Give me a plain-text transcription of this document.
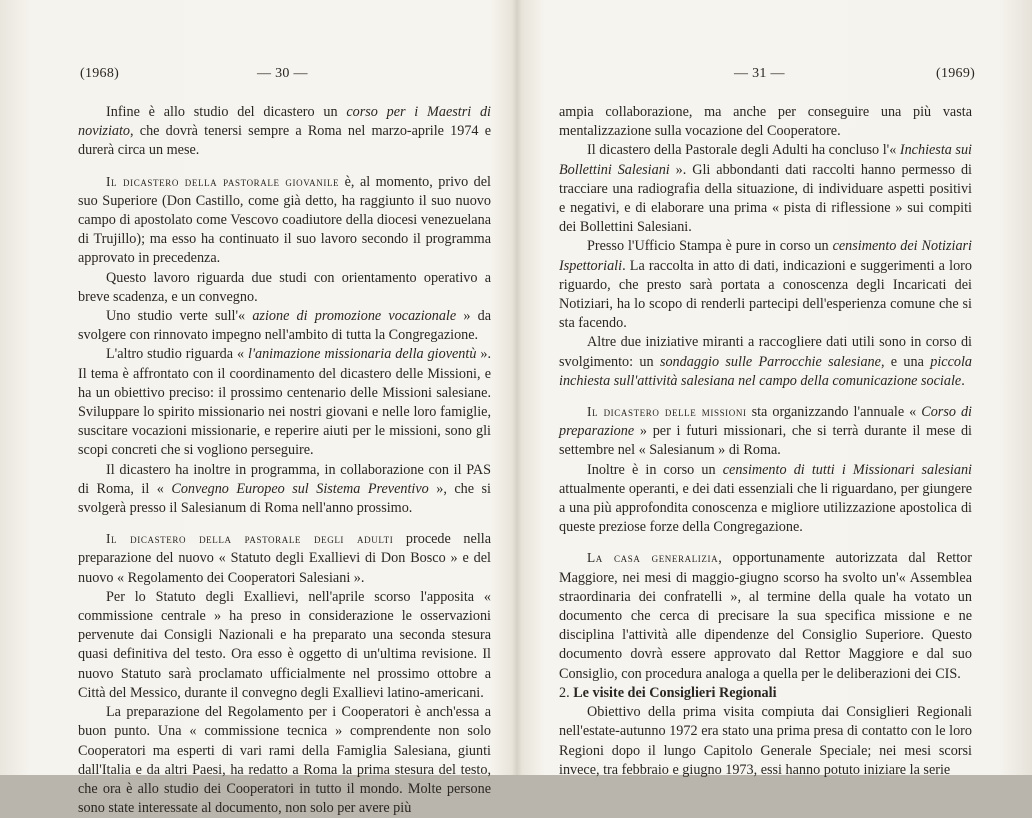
(1968)	— 30 —

Infine è allo studio del dicastero un corso per i Maestri di noviziato, che dovrà tenersi sempre a Roma nel marzo-aprile 1974 e durerà circa un mese.

Il dicastero della pastorale giovanile è, al momento, privo del suo Superiore (Don Castillo, come già detto, ha raggiunto il suo nuovo campo di apostolato come Vescovo coadiutore della diocesi venezuelana di Trujillo); ma esso ha continuato il suo lavoro secondo il programma approvato in precedenza.

Questo lavoro riguarda due studi con orientamento operativo a breve scadenza, e un convegno.

Uno studio verte sull'« azione di promozione vocazionale » da svolgere con rinnovato impegno nell'ambito di tutta la Congregazione.

L'altro studio riguarda « l'animazione missionaria della gioventù ». Il tema è affrontato con il coordinamento del dicastero delle Missioni, e ha un obiettivo preciso: il prossimo centenario delle Missioni salesiane. Sviluppare lo spirito missionario nei nostri giovani e nelle loro famiglie, suscitare vocazioni missionarie, e reperire aiuti per le missioni, sono gli scopi concreti che si vogliono perseguire.

Il dicastero ha inoltre in programma, in collaborazione con il PAS di Roma, il « Convegno Europeo sul Sistema Preventivo », che si svolgerà presso il Salesianum di Roma nell'anno prossimo.

Il dicastero della pastorale degli adulti procede nella preparazione del nuovo « Statuto degli Exallievi di Don Bosco » e del nuovo « Regolamento dei Cooperatori Salesiani ».

Per lo Statuto degli Exallievi, nell'aprile scorso l'apposita « commissione centrale » ha preso in considerazione le osservazioni pervenute dai Consigli Nazionali e ha preparato una seconda stesura quasi definitiva del testo. Ora esso è oggetto di un'ultima revisione. Il nuovo Statuto sarà proclamato ufficialmente nel prossimo ottobre a Città del Messico, durante il convegno degli Exallievi latino-americani.

La preparazione del Regolamento per i Cooperatori è anch'essa a buon punto. Una « commissione tecnica » comprendente non solo Cooperatori ma esperti di vari rami della Famiglia Salesiana, giunti dall'Italia e da altri Paesi, ha redatto a Roma la prima stesura del testo, che ora è allo studio dei Cooperatori in tutto il mondo. Molte persone sono state interessate al documento, non solo per avere più

— 31 —	(1969)

ampia collaborazione, ma anche per conseguire una più vasta mentalizzazione sulla vocazione del Cooperatore.

Il dicastero della Pastorale degli Adulti ha concluso l'« Inchiesta sui Bollettini Salesiani ». Gli abbondanti dati raccolti hanno permesso di tracciare una radiografia della situazione, di individuare aspetti positivi e negativi, e di elaborare una prima « pista di riflessione » sui compiti dei Bollettini Salesiani.

Presso l'Ufficio Stampa è pure in corso un censimento dei Notiziari Ispettoriali. La raccolta in atto di dati, indicazioni e suggerimenti a loro riguardo, che presto sarà portata a conoscenza degli Incaricati dei Notiziari, ha lo scopo di renderli partecipi dell'esperienza comune che si sta facendo.

Altre due iniziative miranti a raccogliere dati utili sono in corso di svolgimento: un sondaggio sulle Parrocchie salesiane, e una piccola inchiesta sull'attività salesiana nel campo della comunicazione sociale.

Il dicastero delle missioni sta organizzando l'annuale « Corso di preparazione » per i futuri missionari, che si terrà durante il mese di settembre nel « Salesianum » di Roma.

Inoltre è in corso un censimento di tutti i Missionari salesiani attualmente operanti, e dei dati essenziali che li riguardano, per giungere a una più approfondita conoscenza e migliore utilizzazione apostolica di queste preziose forze della Congregazione.

La casa generalizia, opportunamente autorizzata dal Rettor Maggiore, nei mesi di maggio-giugno scorso ha svolto un'« Assemblea straordinaria dei confratelli », al termine della quale ha votato un documento che cerca di precisare la sua specifica missione e ne disciplina l'attività alle dipendenze del Consiglio Superiore. Questo documento dovrà essere approvato dal Rettor Maggiore e dal suo Consiglio, con procedura analoga a quella per le deliberazioni dei CIS.

2. Le visite dei Consiglieri Regionali

Obiettivo della prima visita compiuta dai Consiglieri Regionali nell'estate-autunno 1972 era stato una prima presa di contatto con le loro Regioni dopo il lungo Capitolo Generale Speciale; nei mesi scorsi invece, tra febbraio e giugno 1973, essi hanno potuto iniziare la serie
